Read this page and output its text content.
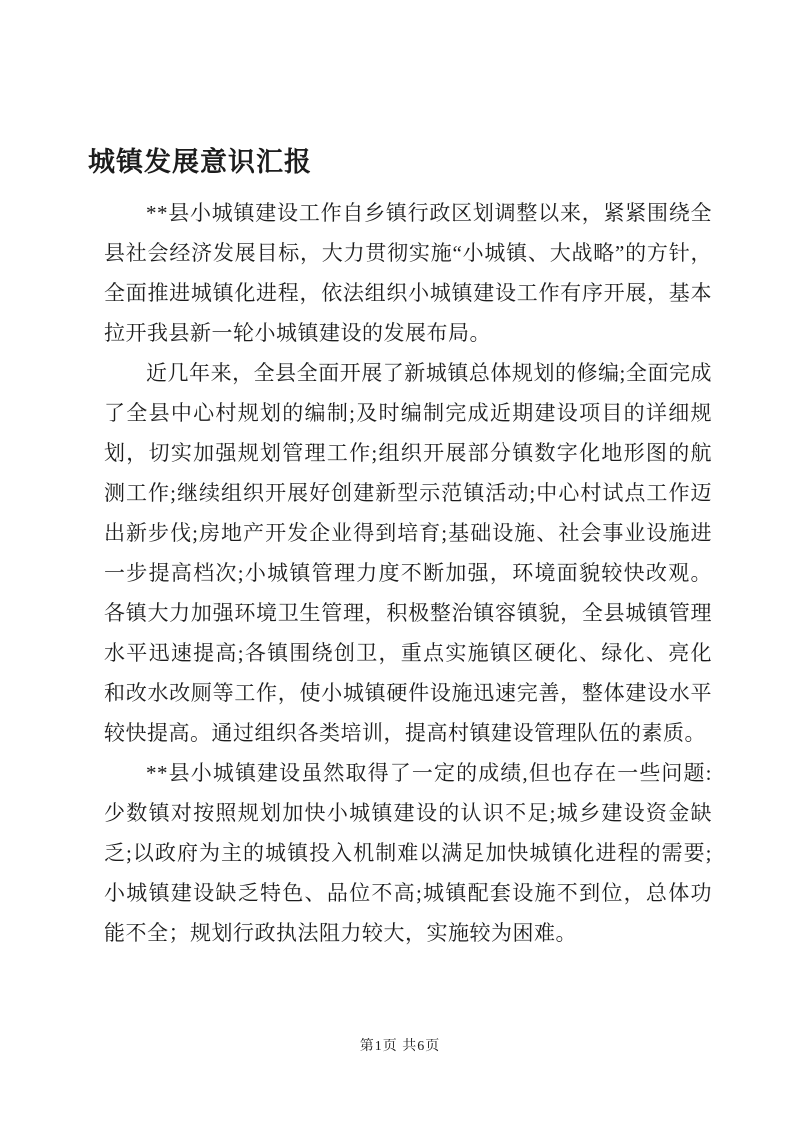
城镇发展意识汇报

**县小城镇建设工作自乡镇行政区划调整以来，紧紧围绕全县社会经济发展目标，大力贯彻实施“小城镇、大战略”的方针，全面推进城镇化进程，依法组织小城镇建设工作有序开展，基本拉开我县新一轮小城镇建设的发展布局。

近几年来，全县全面开展了新城镇总体规划的修编;全面完成了全县中心村规划的编制;及时编制完成近期建设项目的详细规划，切实加强规划管理工作;组织开展部分镇数字化地形图的航测工作;继续组织开展好创建新型示范镇活动;中心村试点工作迈出新步伐;房地产开发企业得到培育;基础设施、社会事业设施进一步提高档次;小城镇管理力度不断加强，环境面貌较快改观。各镇大力加强环境卫生管理，积极整治镇容镇貌，全县城镇管理水平迅速提高;各镇围绕创卫，重点实施镇区硬化、绿化、亮化和改水改厕等工作，使小城镇硬件设施迅速完善，整体建设水平较快提高。通过组织各类培训，提高村镇建设管理队伍的素质。

**县小城镇建设虽然取得了一定的成绩,但也存在一些问题:少数镇对按照规划加快小城镇建设的认识不足;城乡建设资金缺乏;以政府为主的城镇投入机制难以满足加快城镇化进程的需要;小城镇建设缺乏特色、品位不高;城镇配套设施不到位，总体功能不全；规划行政执法阻力较大，实施较为困难。

第1页 共6页
